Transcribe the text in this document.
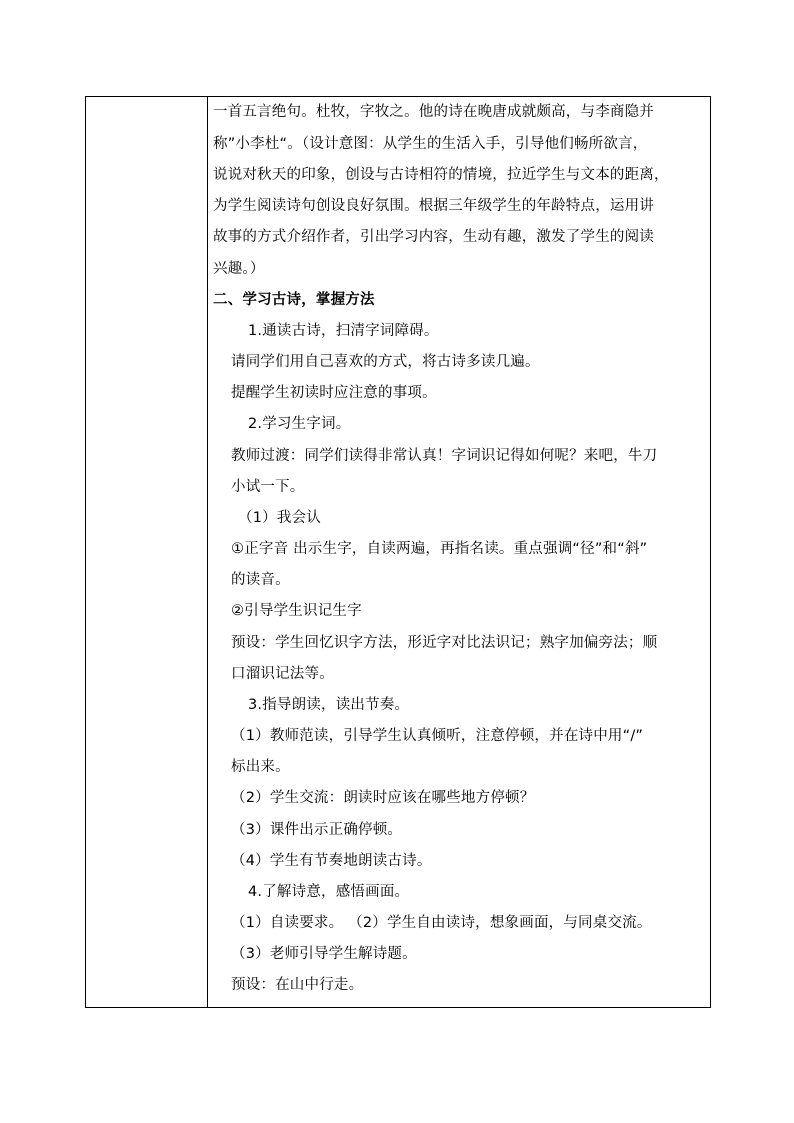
一首五言绝句。杜牧，字牧之。他的诗在晚唐成就颇高，与李商隐并
称”小李杜“。（设计意图：从学生的生活入手，引导他们畅所欲言，
说说对秋天的印象，创设与古诗相符的情境，拉近学生与文本的距离，
为学生阅读诗句创设良好氛围。根据三年级学生的年龄特点，运用讲
故事的方式介绍作者，引出学习内容，生动有趣，激发了学生的阅读
兴趣。）
二、学习古诗，掌握方法
1.通读古诗，扫清字词障碍。
请同学们用自己喜欢的方式，将古诗多读几遍。
提醒学生初读时应注意的事项。
2.学习生字词。
教师过渡：同学们读得非常认真！字词识记得如何呢？来吧，牛刀
小试一下。
（1）我会认
①正字音 出示生字，自读两遍，再指名读。重点强调“径”和“斜”
的读音。
②引导学生识记生字
预设：学生回忆识字方法，形近字对比法识记；熟字加偏旁法；顺
口溜识记法等。
3.指导朗读，读出节奏。
（1）教师范读，引导学生认真倾听，注意停顿，并在诗中用“/”
标出来。
（2）学生交流：朗读时应该在哪些地方停顿？
（3）课件出示正确停顿。
（4）学生有节奏地朗读古诗。
4.了解诗意，感悟画面。
（1）自读要求。 （2）学生自由读诗，想象画面，与同桌交流。
（3）老师引导学生解诗题。
预设：在山中行走。
